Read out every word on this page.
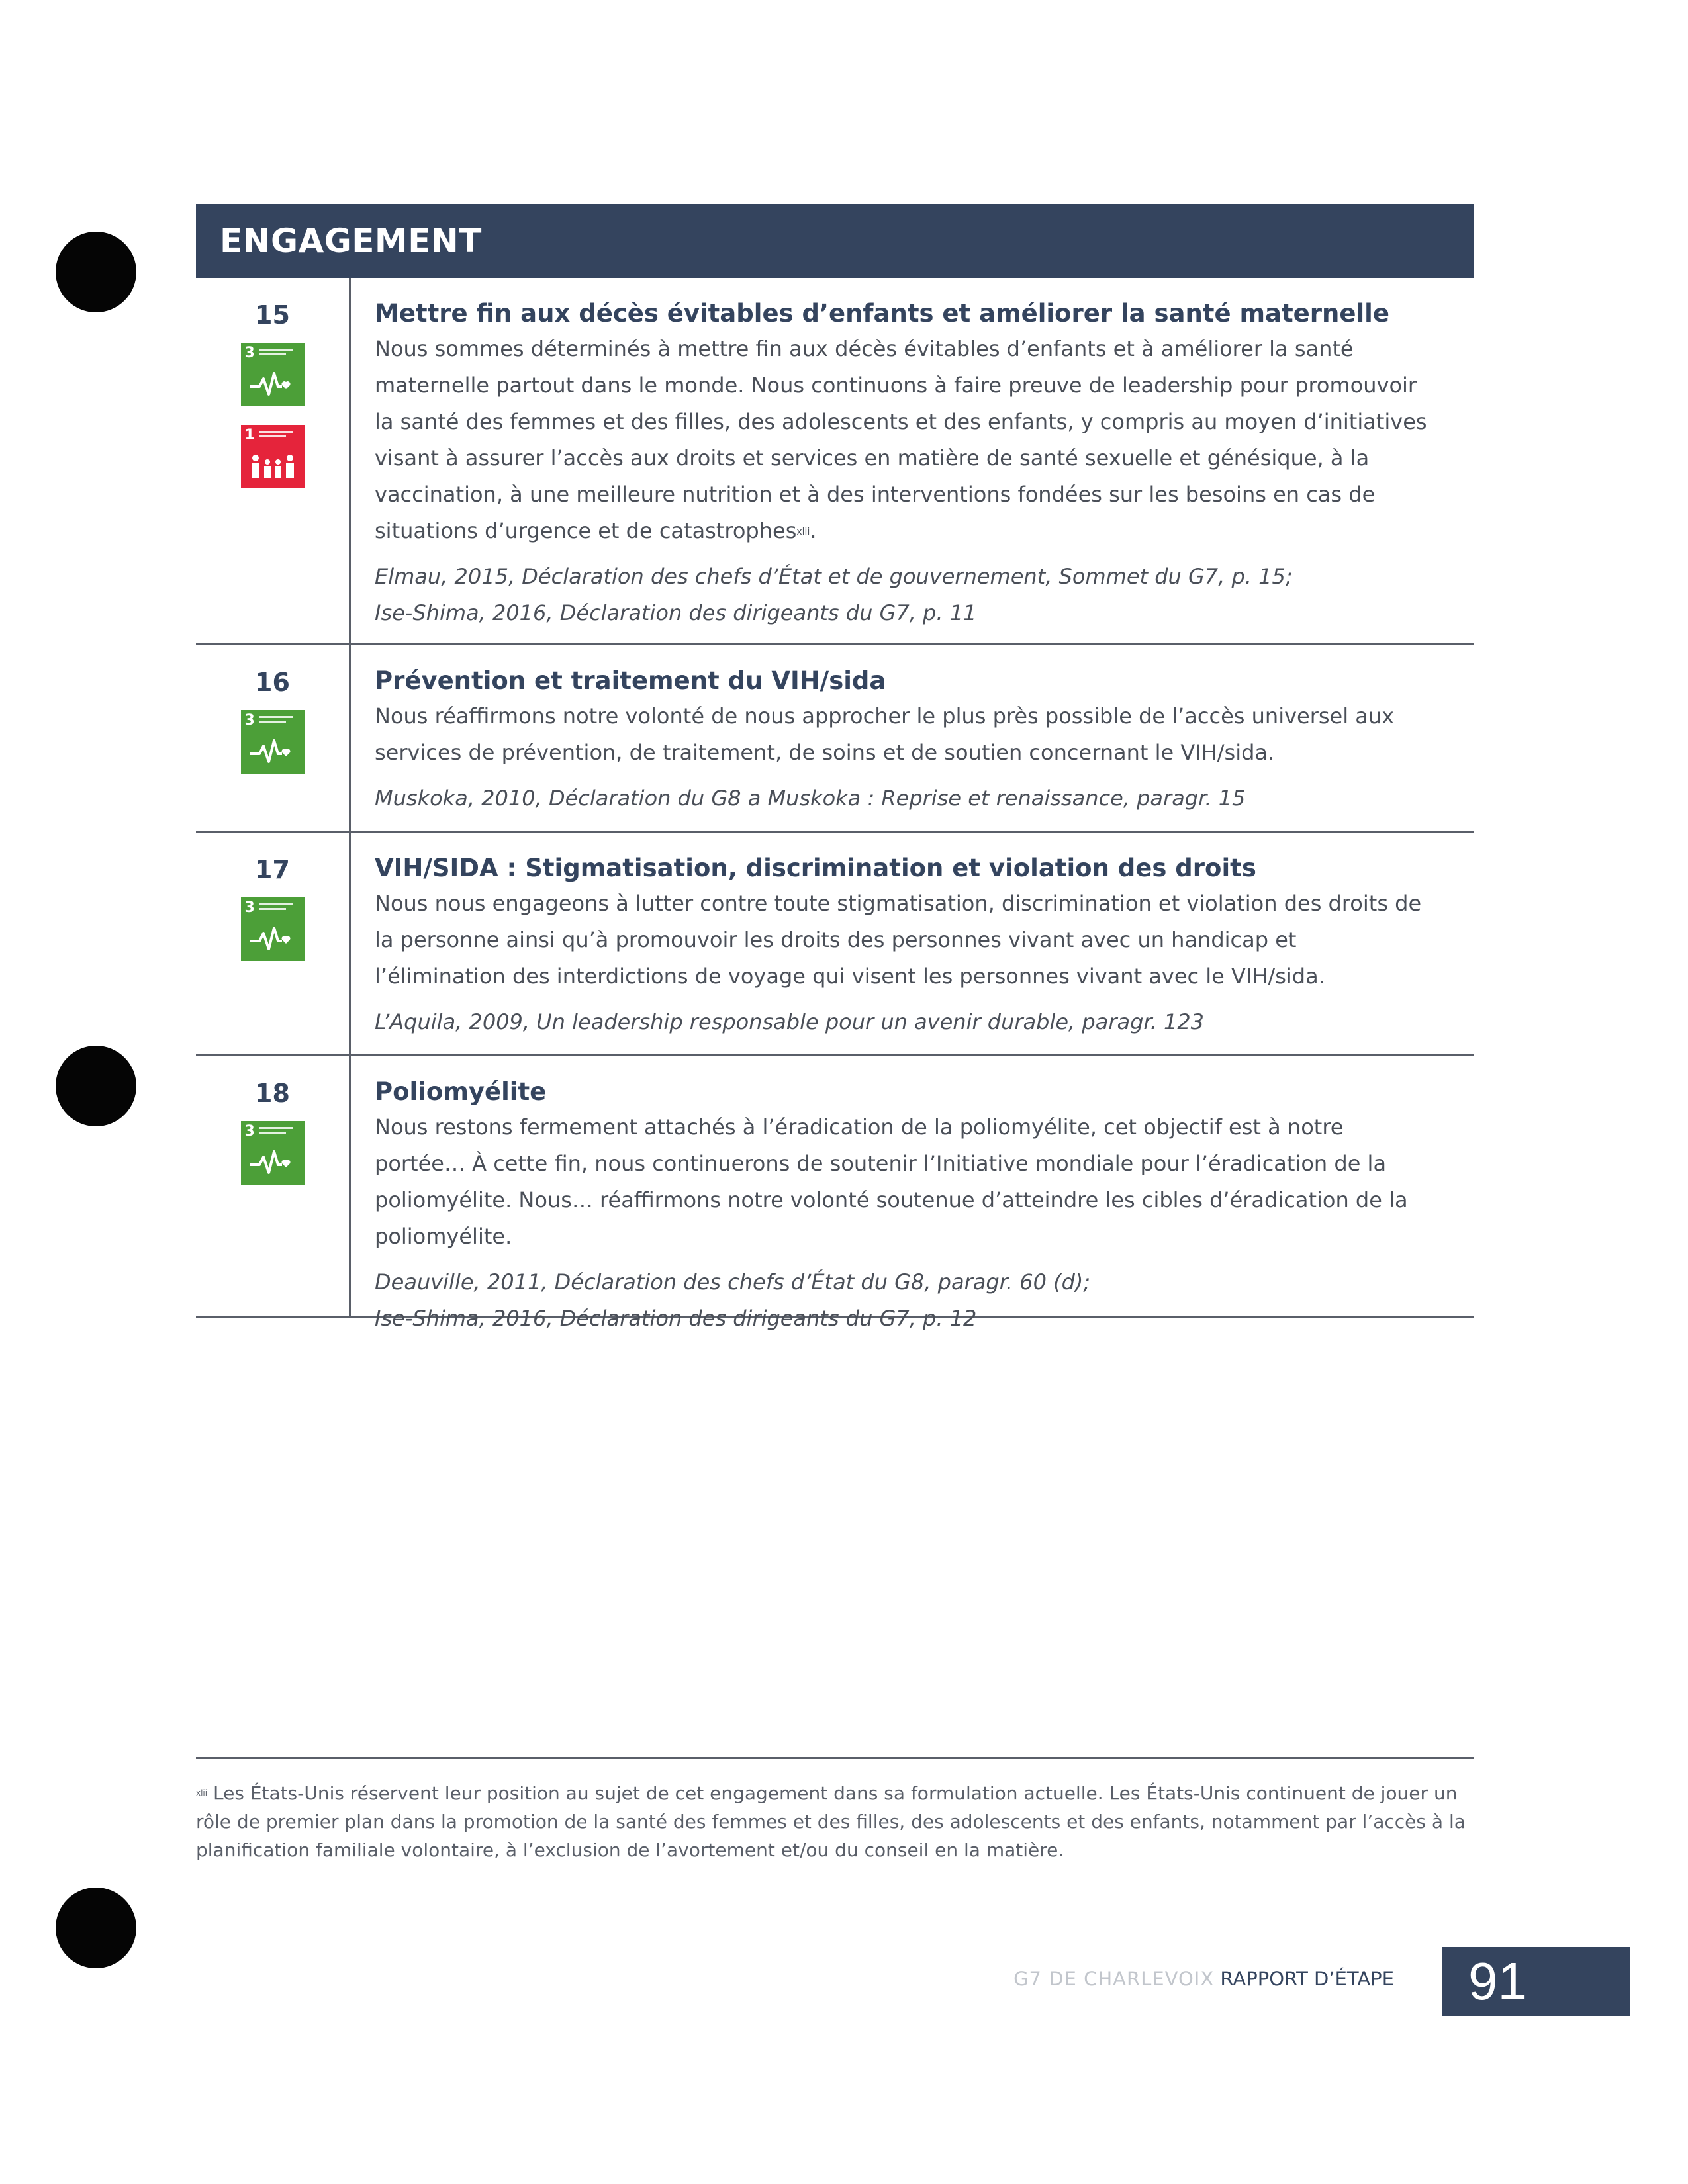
ENGAGEMENT
15
3
1

Mettre fin aux décès évitables d’enfants et améliorer la santé maternelle

Nous sommes déterminés à mettre fin aux décès évitables d’enfants et à améliorer la santé maternelle partout dans le monde. Nous continuons à faire preuve de leadership pour promouvoir la santé des femmes et des filles, des adolescents et des enfants, y compris au moyen d’initiatives visant à assurer l’accès aux droits et services en matière de santé sexuelle et génésique, à la vaccination, à une meilleure nutrition et à des interventions fondées sur les besoins en cas de situations d’urgence et de catastrophes$^{xlii}$.

Elmau, 2015, Déclaration des chefs d’État et de gouvernement, Sommet du G7, p. 15;
Ise-Shima, 2016, Déclaration des dirigeants du G7, p. 11

16
3

Prévention et traitement du VIH/sida

Nous réaffirmons notre volonté de nous approcher le plus près possible de l’accès universel aux services de prévention, de traitement, de soins et de soutien concernant le VIH/sida.

Muskoka, 2010, Déclaration du G8 a Muskoka : Reprise et renaissance, paragr. 15

17
3

VIH/SIDA : Stigmatisation, discrimination et violation des droits

Nous nous engageons à lutter contre toute stigmatisation, discrimination et violation des droits de la personne ainsi qu’à promouvoir les droits des personnes vivant avec un handicap et l’élimination des interdictions de voyage qui visent les personnes vivant avec le VIH/sida.

L’Aquila, 2009, Un leadership responsable pour un avenir durable, paragr. 123

18
3

Poliomyélite

Nous restons fermement attachés à l’éradication de la poliomyélite, cet objectif est à notre portée… À cette fin, nous continuerons de soutenir l’Initiative mondiale pour l’éradication de la poliomyélite. Nous… réaffirmons notre volonté soutenue d’atteindre les cibles d’éradication de la poliomyélite.

Deauville, 2011, Déclaration des chefs d’État du G8, paragr. 60 (d);
Ise-Shima, 2016, Déclaration des dirigeants du G7, p. 12

$^{xlii}$ Les États-Unis réservent leur position au sujet de cet engagement dans sa formulation actuelle. Les États-Unis continuent de jouer un rôle de premier plan dans la promotion de la santé des femmes et des filles, des adolescents et des enfants, notamment par l’accès à la planification familiale volontaire, à l’exclusion de l’avortement et/ou du conseil en la matière.
G7 DE CHARLEVOIX RAPPORT D’ÉTAPE	91
